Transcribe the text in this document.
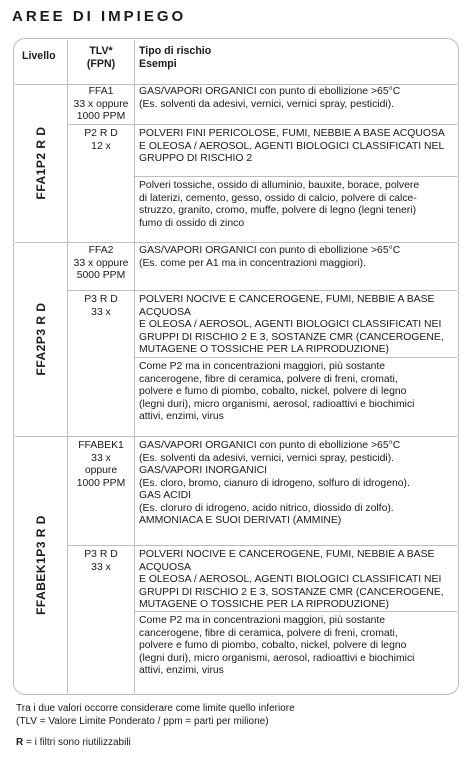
AREE DI IMPIEGO
Livello	TLV*
(FPN)
Tipo di rischio
Esempi
FFA1P2 R D
FFA2P3 R D
FFABEK1P3 R D
FFA1
33 x oppure
1000 PPM
P2 R D
12 x
FFA2
33 x oppure
5000 PPM
P3 R D
33 x
FFABEK1
33 x
oppure
1000 PPM
P3 R D
33 x
GAS/VAPORI ORGANICI con punto di ebollizione >65°C
(Es. solventi da adesivi, vernici, vernici spray, pesticidi).
POLVERI FINI PERICOLOSE, FUMI, NEBBIE A BASE ACQUOSA
E OLEOSA / AEROSOL, AGENTI BIOLOGICI CLASSIFICATI NEL
GRUPPO DI RISCHIO 2
Polveri tossiche, ossido di alluminio, bauxite, borace, polvere
di laterizi, cemento, gesso, ossido di calcio, polvere di calce-
struzzo, granito, cromo, muffe, polvere di legno (legni teneri)
fumo di ossido di zinco
GAS/VAPORI ORGANICI con punto di ebollizione >65°C
(Es. come per A1 ma in concentrazioni maggiori).
POLVERI NOCIVE E CANCEROGENE, FUMI, NEBBIE A BASE ACQUOSA
E OLEOSA / AEROSOL, AGENTI BIOLOGICI CLASSIFICATI NEI
GRUPPI DI RISCHIO 2 E 3, SOSTANZE CMR (CANCEROGENE,
MUTAGENE O TOSSICHE PER LA RIPRODUZIONE)
Come P2 ma in concentrazioni maggiori, più sostante
cancerogene, fibre di ceramica, polvere di freni, cromati,
polvere e fumo di piombo, cobalto, nickel, polvere di legno
(legni duri), micro organismi, aerosol, radioattivi e biochimici
attivi, enzimi, virus
GAS/VAPORI ORGANICI con punto di ebollizione >65°C
(Es. solventi da adesivi, vernici, vernici spray, pesticidi).
GAS/VAPORI INORGANICI
(Es. cloro, bromo, cianuro di idrogeno, solfuro di idrogeno).
GAS ACIDI
(Es. cloruro di idrogeno, acido nitrico, diossido di zolfo).
AMMONIACA E SUOI DERIVATI (AMMINE)
POLVERI NOCIVE E CANCEROGENE, FUMI, NEBBIE A BASE ACQUOSA
E OLEOSA / AEROSOL, AGENTI BIOLOGICI CLASSIFICATI NEI
GRUPPI DI RISCHIO 2 E 3, SOSTANZE CMR (CANCEROGENE,
MUTAGENE O TOSSICHE PER LA RIPRODUZIONE)
Come P2 ma in concentrazioni maggiori, più sostante
cancerogene, fibre di ceramica, polvere di freni, cromati,
polvere e fumo di piombo, cobalto, nickel, polvere di legno
(legni duri), micro organismi, aerosol, radioattivi e biochimici
attivi, enzimi, virus
Tra i due valori occorre considerare come limite quello inferiore
(TLV = Valore Limite Ponderato / ppm = parti per milione)
R = i filtri sono riutilizzabili
